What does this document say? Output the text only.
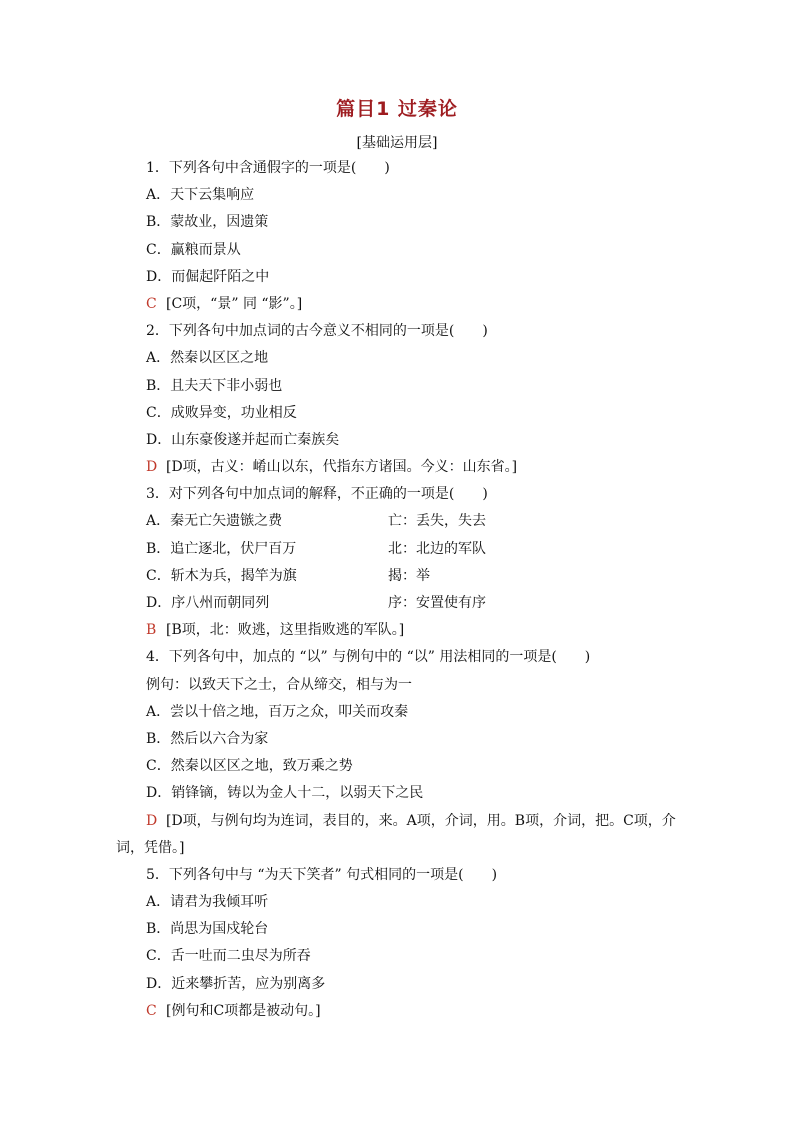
篇目1 过秦论
[基础运用层]
1．下列各句中含通假字的一项是(　　)
A．天下云集响应
B．蒙故业，因遗策
C．赢粮而景从
D．而倔起阡陌之中
C [C项，“景” 同 “影”。]
2．下列各句中加点词的古今意义不相同的一项是(　　)
A．然秦以区区之地
B．且夫天下非小弱也
C．成败异变，功业相反
D．山东豪俊遂并起而亡秦族矣
D [D项，古义：崤山以东，代指东方诸国。今义：山东省。]
3．对下列各句中加点词的解释，不正确的一项是(　　)
A．秦无亡矢遗镞之费	亡：丢失，失去
B．追亡逐北，伏尸百万	北：北边的军队
C．斩木为兵，揭竿为旗	揭：举
D．序八州而朝同列	序：安置使有序
B [B项，北：败逃，这里指败逃的军队。]
4．下列各句中，加点的 “以” 与例句中的 “以” 用法相同的一项是(　　)
例句：以致天下之士，合从缔交，相与为一
A．尝以十倍之地，百万之众，叩关而攻秦
B．然后以六合为家
C．然秦以区区之地，致万乘之势
D．销锋镝，铸以为金人十二，以弱天下之民
D [D项，与例句均为连词，表目的，来。A项，介词，用。B项，介词，把。C项，介
词，凭借。]
5．下列各句中与 “为天下笑者” 句式相同的一项是(　　)
A．请君为我倾耳听
B．尚思为国戍轮台
C．舌一吐而二虫尽为所吞
D．近来攀折苦，应为别离多
C [例句和C项都是被动句。]
